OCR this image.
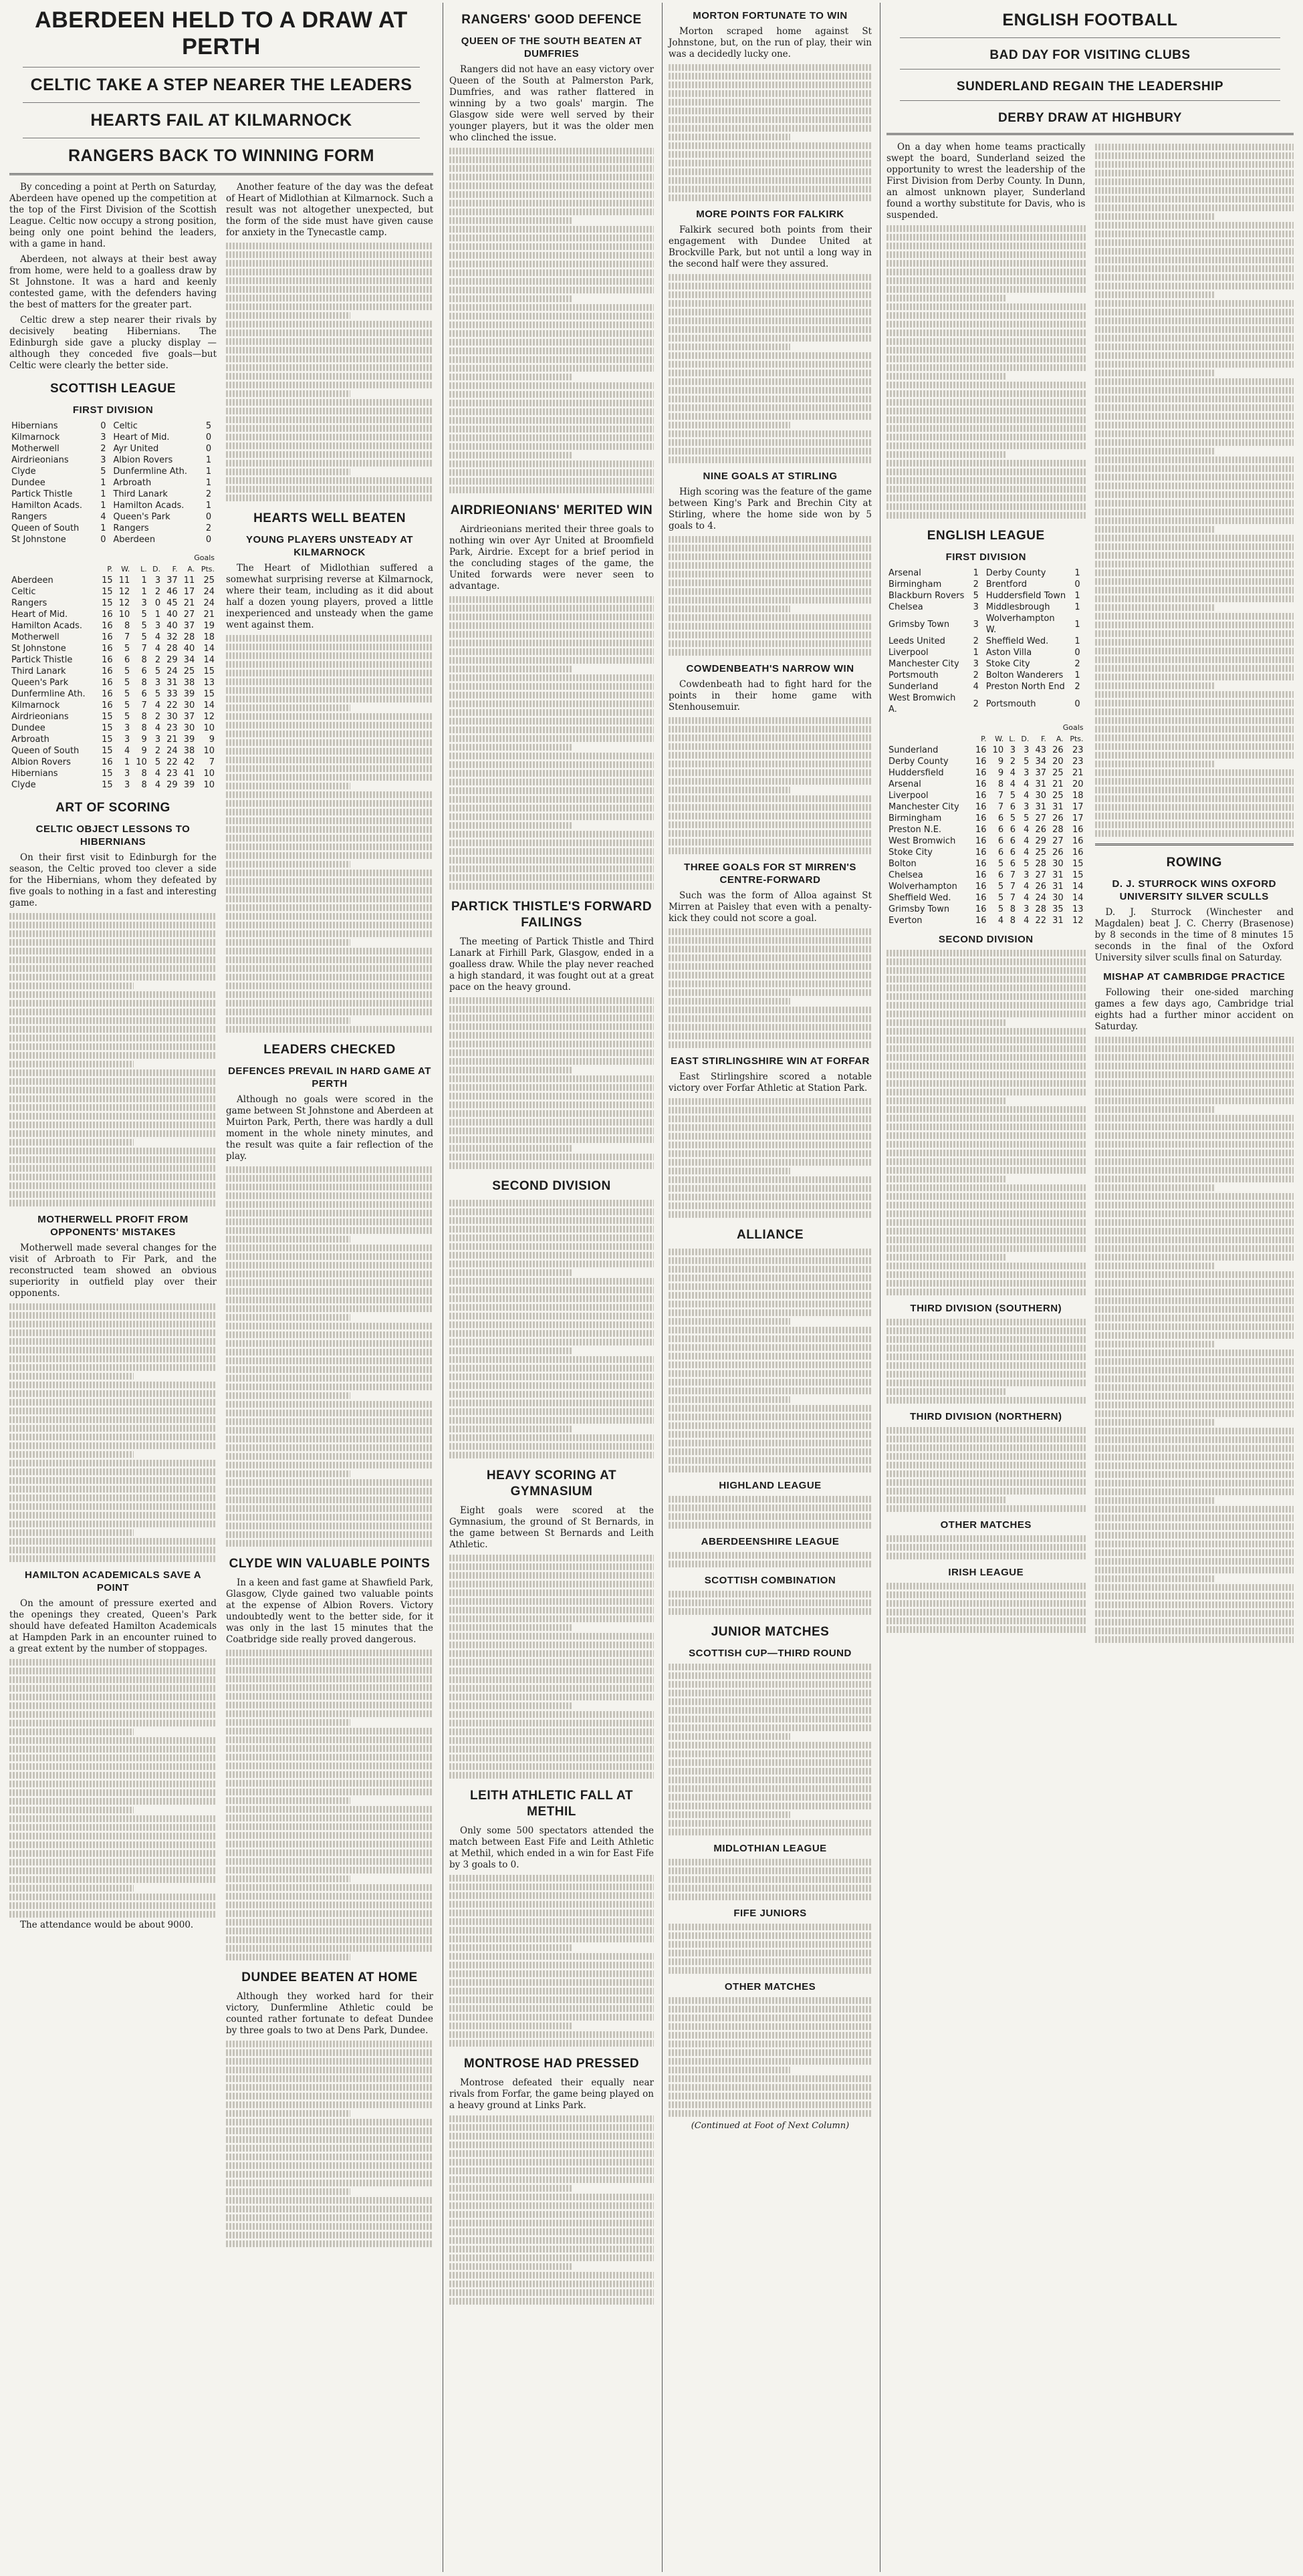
ABERDEEN HELD TO A DRAW AT PERTH
CELTIC TAKE A STEP NEARER THE LEADERS
HEARTS FAIL AT KILMARNOCK
RANGERS BACK TO WINNING FORM

By conceding a point at Perth on Saturday, Aberdeen have opened up the competition at the top of the First Division of the Scottish League. Celtic now occupy a strong position, being only one point behind the leaders, with a game in hand.

Aberdeen, not always at their best away from home, were held to a goalless draw by St Johnstone. It was a hard and keenly contested game, with the defenders having the best of matters for the greater part.

Celtic drew a step nearer their rivals by decisively beating Hibernians. The Edinburgh side gave a plucky display —although they conceded five goals—but Celtic were clearly the better side.

SCOTTISH LEAGUE
FIRST DIVISION
Hibernians	0	Celtic	5
Kilmarnock	3	Heart of Mid.	0
Motherwell	2	Ayr United	0
Airdrieonians	3	Albion Rovers	1
Clyde	5	Dunfermline Ath.	1
Dundee	1	Arbroath	1
Partick Thistle	1	Third Lanark	2
Hamilton Acads.	1	Hamilton Acads.	1
Rangers	4	Queen's Park	0
Queen of South	1	Rangers	2
St Johnstone	0	Aberdeen	0
Goals							
	P.	W.	L.	D.	F.	A.	Pts.
Aberdeen	15	11	1	3	37	11	25
Celtic	15	12	1	2	46	17	24
Rangers	15	12	3	0	45	21	24
Heart of Mid.	16	10	5	1	40	27	21
Hamilton Acads.	16	8	5	3	40	37	19
Motherwell	16	7	5	4	32	28	18
St Johnstone	16	5	7	4	28	40	14
Partick Thistle	16	6	8	2	29	34	14
Third Lanark	16	5	6	5	24	25	15
Queen's Park	16	5	8	3	31	38	13
Dunfermline Ath.	16	5	6	5	33	39	15
Kilmarnock	16	5	7	4	22	30	14
Airdrieonians	15	5	8	2	30	37	12
Dundee	15	3	8	4	23	30	10
Arbroath	15	3	9	3	21	39	9
Queen of South	15	4	9	2	24	38	10
Albion Rovers	16	1	10	5	22	42	7
Hibernians	15	3	8	4	23	41	10
Clyde	15	3	8	4	29	39	10
ART OF SCORING
CELTIC OBJECT LESSONS TO HIBERNIANS

On their first visit to Edinburgh for the season, the Celtic proved too clever a side for the Hibernians, whom they defeated by five goals to nothing in a fast and interesting game.

MOTHERWELL PROFIT FROM OPPONENTS' MISTAKES

Motherwell made several changes for the visit of Arbroath to Fir Park, and the reconstructed team showed an obvious superiority in outfield play over their opponents.

HAMILTON ACADEMICALS SAVE A POINT

On the amount of pressure exerted and the openings they created, Queen's Park should have defeated Hamilton Academicals at Hampden Park in an encounter ruined to a great extent by the number of stoppages.

The attendance would be about 9000.

Another feature of the day was the defeat of Heart of Midlothian at Kilmarnock. Such a result was not altogether unexpected, but the form of the side must have given cause for anxiety in the Tynecastle camp.

HEARTS WELL BEATEN
YOUNG PLAYERS UNSTEADY AT KILMARNOCK

The Heart of Midlothian suffered a somewhat surprising reverse at Kilmarnock, where their team, including as it did about half a dozen young players, proved a little inexperienced and unsteady when the game went against them.

LEADERS CHECKED
DEFENCES PREVAIL IN HARD GAME AT PERTH

Although no goals were scored in the game between St Johnstone and Aberdeen at Muirton Park, Perth, there was hardly a dull moment in the whole ninety minutes, and the result was quite a fair reflection of the play.

CLYDE WIN VALUABLE POINTS

In a keen and fast game at Shawfield Park, Glasgow, Clyde gained two valuable points at the expense of Albion Rovers. Victory undoubtedly went to the better side, for it was only in the last 15 minutes that the Coatbridge side really proved dangerous.

DUNDEE BEATEN AT HOME

Although they worked hard for their victory, Dunfermline Athletic could be counted rather fortunate to defeat Dundee by three goals to two at Dens Park, Dundee.

RANGERS' GOOD DEFENCE
QUEEN OF THE SOUTH BEATEN AT DUMFRIES

Rangers did not have an easy victory over Queen of the South at Palmerston Park, Dumfries, and was rather flattered in winning by a two goals' margin. The Glasgow side were well served by their younger players, but it was the older men who clinched the issue.

AIRDRIEONIANS' MERITED WIN

Airdrieonians merited their three goals to nothing win over Ayr United at Broomfield Park, Airdrie. Except for a brief period in the concluding stages of the game, the United forwards were never seen to advantage.

PARTICK THISTLE'S FORWARD FAILINGS

The meeting of Partick Thistle and Third Lanark at Firhill Park, Glasgow, ended in a goalless draw. While the play never reached a high standard, it was fought out at a great pace on the heavy ground.

SECOND DIVISION
HEAVY SCORING AT GYMNASIUM

Eight goals were scored at the Gymnasium, the ground of St Bernards, in the game between St Bernards and Leith Athletic.

LEITH ATHLETIC FALL AT METHIL

Only some 500 spectators attended the match between East Fife and Leith Athletic at Methil, which ended in a win for East Fife by 3 goals to 0.

MONTROSE HAD PRESSED

Montrose defeated their equally near rivals from Forfar, the game being played on a heavy ground at Links Park.

MORTON FORTUNATE TO WIN

Morton scraped home against St Johnstone, but, on the run of play, their win was a decidedly lucky one.

MORE POINTS FOR FALKIRK

Falkirk secured both points from their engagement with Dundee United at Brockville Park, but not until a long way in the second half were they assured.

NINE GOALS AT STIRLING

High scoring was the feature of the game between King's Park and Brechin City at Stirling, where the home side won by 5 goals to 4.

COWDENBEATH'S NARROW WIN

Cowdenbeath had to fight hard for the points in their home game with Stenhousemuir.

THREE GOALS FOR ST MIRREN'S CENTRE-FORWARD

Such was the form of Alloa against St Mirren at Paisley that even with a penalty-kick they could not score a goal.

EAST STIRLINGSHIRE WIN AT FORFAR

East Stirlingshire scored a notable victory over Forfar Athletic at Station Park.

ALLIANCE
HIGHLAND LEAGUE
ABERDEENSHIRE LEAGUE
SCOTTISH COMBINATION
JUNIOR MATCHES
SCOTTISH CUP—THIRD ROUND
MIDLOTHIAN LEAGUE
FIFE JUNIORS
OTHER MATCHES
(Continued at Foot of Next Column)
ENGLISH FOOTBALL
BAD DAY FOR VISITING CLUBS
SUNDERLAND REGAIN THE LEADERSHIP
DERBY DRAW AT HIGHBURY

On a day when home teams practically swept the board, Sunderland seized the opportunity to wrest the leadership of the First Division from Derby County. In Dunn, an almost unknown player, Sunderland found a worthy substitute for Davis, who is suspended.

ENGLISH LEAGUE
FIRST DIVISION
Arsenal	1	Derby County	1
Birmingham	2	Brentford	0
Blackburn Rovers	5	Huddersfield Town	1
Chelsea	3	Middlesbrough	1
Grimsby Town	3	Wolverhampton W.	1
Leeds United	2	Sheffield Wed.	1
Liverpool	1	Aston Villa	0
Manchester City	3	Stoke City	2
Portsmouth	2	Bolton Wanderers	1
Sunderland	4	Preston North End	2
West Bromwich A.	2	Portsmouth	0
Goals							
	P.	W.	L.	D.	F.	A.	Pts.
Sunderland	16	10	3	3	43	26	23
Derby County	16	9	2	5	34	20	23
Huddersfield	16	9	4	3	37	25	21
Arsenal	16	8	4	4	31	21	20
Liverpool	16	7	5	4	30	25	18
Manchester City	16	7	6	3	31	31	17
Birmingham	16	6	5	5	27	26	17
Preston N.E.	16	6	6	4	26	28	16
West Bromwich	16	6	6	4	29	27	16
Stoke City	16	6	6	4	25	26	16
Bolton	16	5	6	5	28	30	15
Chelsea	16	6	7	3	27	31	15
Wolverhampton	16	5	7	4	26	31	14
Sheffield Wed.	16	5	7	4	24	30	14
Grimsby Town	16	5	8	3	28	35	13
Everton	16	4	8	4	22	31	12
SECOND DIVISION
THIRD DIVISION (SOUTHERN)
THIRD DIVISION (NORTHERN)
OTHER MATCHES
IRISH LEAGUE
ROWING
D. J. STURROCK WINS OXFORD UNIVERSITY SILVER SCULLS

D. J. Sturrock (Winchester and Magdalen) beat J. C. Cherry (Brasenose) by 8 seconds in the time of 8 minutes 15 seconds in the final of the Oxford University silver sculls final on Saturday.

MISHAP AT CAMBRIDGE PRACTICE

Following their one-sided marching games a few days ago, Cambridge trial eights had a further minor accident on Saturday.
